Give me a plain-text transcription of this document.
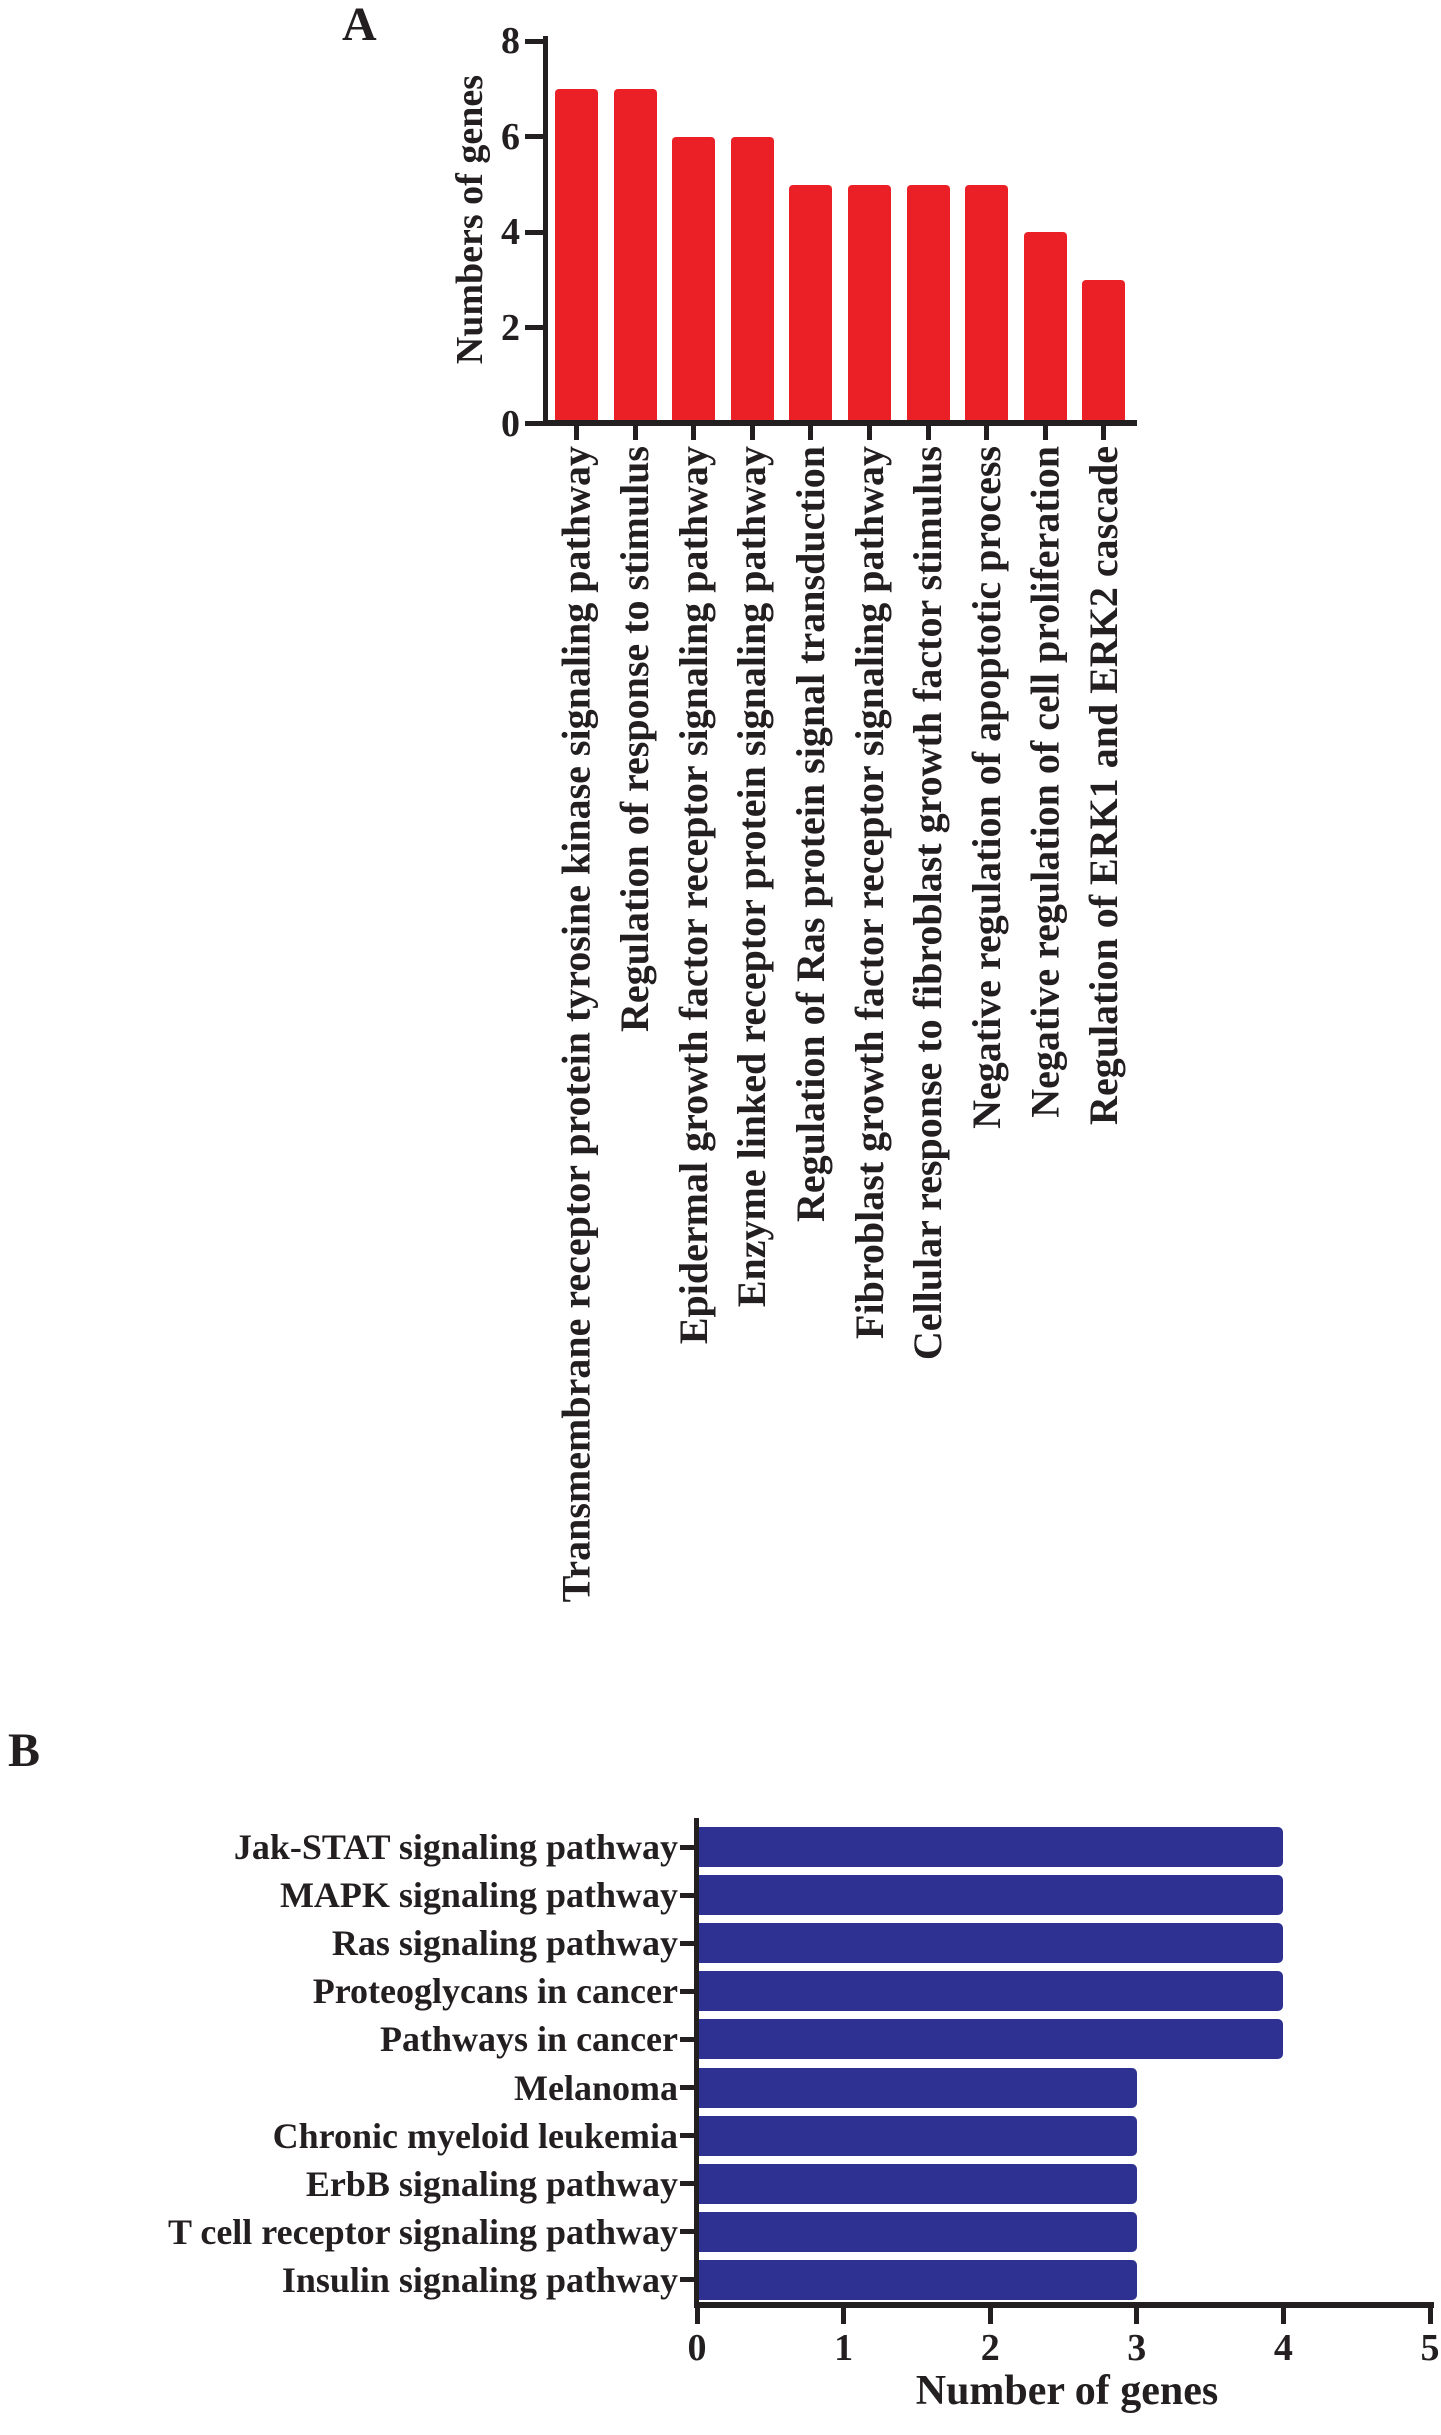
A
Numbers of genes
0
2
4
6
8
Transmembrane receptor protein tyrosine kinase signaling pathway Regulation of response to stimulus Epidermal growth factor receptor signaling pathway Enzyme linked receptor protein signaling pathway Regulation of Ras protein signal transduction Fibroblast growth factor receptor signaling pathway Cellular response to fibroblast growth factor stimulus Negative regulation of apoptotic process Negative regulation of cell proliferation Regulation of ERK1 and ERK2 cascade
B
Jak-STAT signaling pathway
MAPK signaling pathway
Ras signaling pathway
Proteoglycans in cancer
Pathways in cancer
Melanoma
Chronic myeloid leukemia
ErbB signaling pathway
T cell receptor signaling pathway
Insulin signaling pathway
0	1	2	3	4	5
Number of genes
